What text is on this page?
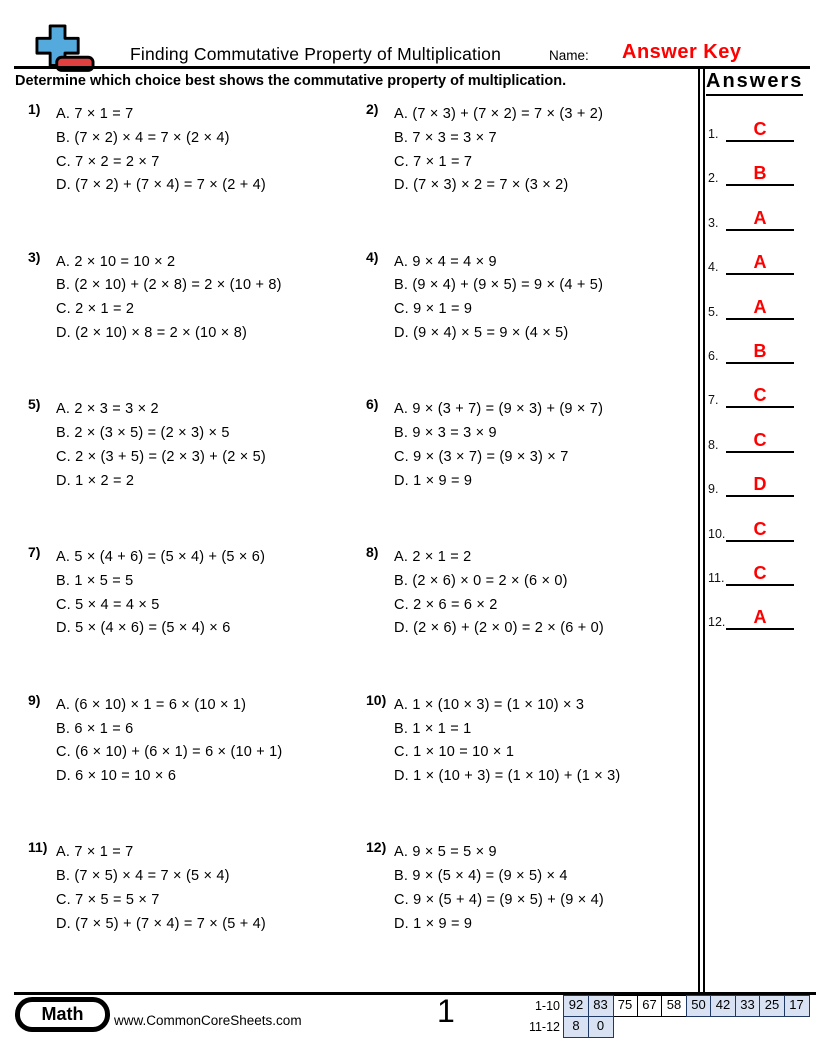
Finding Commutative Property of Multiplication	Name: Answer Key
Determine which choice best shows the commutative property of multiplication.
1)	A. 7 × 1 = 7
B. (7 × 2) × 4 = 7 × (2 × 4)
C. 7 × 2 = 2 × 7
D. (7 × 2) + (7 × 4) = 7 × (2 + 4)
2)	A. (7 × 3) + (7 × 2) = 7 × (3 + 2)
B. 7 × 3 = 3 × 7
C. 7 × 1 = 7
D. (7 × 3) × 2 = 7 × (3 × 2)
3)	A. 2 × 10 = 10 × 2
B. (2 × 10) + (2 × 8) = 2 × (10 + 8)
C. 2 × 1 = 2
D. (2 × 10) × 8 = 2 × (10 × 8)
4)	A. 9 × 4 = 4 × 9
B. (9 × 4) + (9 × 5) = 9 × (4 + 5)
C. 9 × 1 = 9
D. (9 × 4) × 5 = 9 × (4 × 5)
5)	A. 2 × 3 = 3 × 2
B. 2 × (3 × 5) = (2 × 3) × 5
C. 2 × (3 + 5) = (2 × 3) + (2 × 5)
D. 1 × 2 = 2
6)	A. 9 × (3 + 7) = (9 × 3) + (9 × 7)
B. 9 × 3 = 3 × 9
C. 9 × (3 × 7) = (9 × 3) × 7
D. 1 × 9 = 9
7)	A. 5 × (4 + 6) = (5 × 4) + (5 × 6)
B. 1 × 5 = 5
C. 5 × 4 = 4 × 5
D. 5 × (4 × 6) = (5 × 4) × 6
8)	A. 2 × 1 = 2
B. (2 × 6) × 0 = 2 × (6 × 0)
C. 2 × 6 = 6 × 2
D. (2 × 6) + (2 × 0) = 2 × (6 + 0)
9)	A. (6 × 10) × 1 = 6 × (10 × 1)
B. 6 × 1 = 6
C. (6 × 10) + (6 × 1) = 6 × (10 + 1)
D. 6 × 10 = 10 × 6
10) A. 1 × (10 × 3) = (1 × 10) × 3
B. 1 × 1 = 1
C. 1 × 10 = 10 × 1
D. 1 × (10 + 3) = (1 × 10) + (1 × 3)
11) A. 7 × 1 = 7
B. (7 × 5) × 4 = 7 × (5 × 4)
C. 7 × 5 = 5 × 7
D. (7 × 5) + (7 × 4) = 7 × (5 + 4)
12) A. 9 × 5 = 5 × 9
B. 9 × (5 × 4) = (9 × 5) × 4
C. 9 × (5 + 4) = (9 × 5) + (9 × 4)
D. 1 × 9 = 9
Answers
1.	C
2.	B
3.	A
4.	A
5.	A
6.	B
7.	C
8.	C
9.	D
10.	C
11.	C
12.	A
Math	www.CommonCoreSheets.com	1	1-10 92 83 75 67 58 50 42 33 25 17
11-12 8	0
